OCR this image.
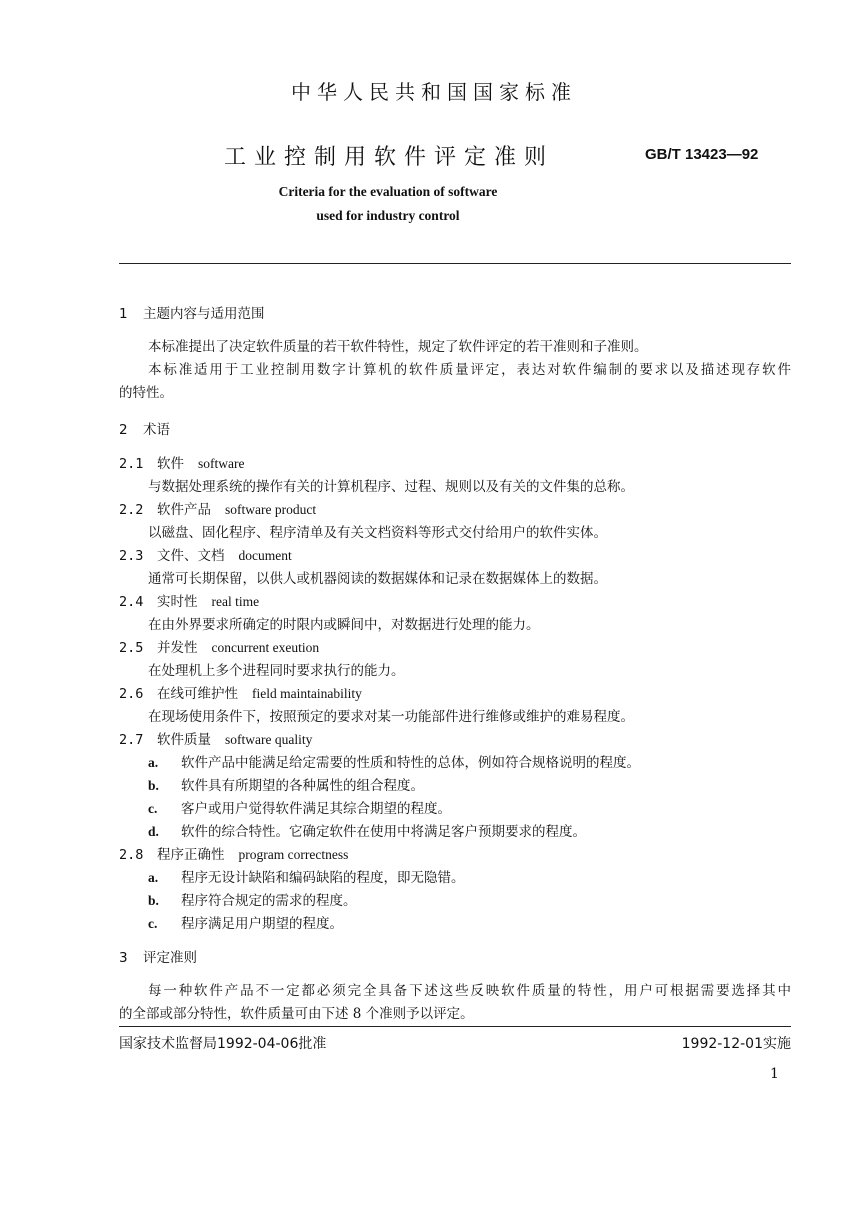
中华人民共和国国家标准
工业控制用软件评定准则	GB/T 13423—92
Criteria for the evaluation of software
used for industry control
1 主题内容与适用范围
本标准提出了决定软件质量的若干软件特性，规定了软件评定的若干准则和子准则。
本标准适用于工业控制用数字计算机的软件质量评定，表达对软件编制的要求以及描述现存软件
的特性。
2 术语
2.1 软件 software
与数据处理系统的操作有关的计算机程序、过程、规则以及有关的文件集的总称。
2.2 软件产品 software product
以磁盘、固化程序、程序清单及有关文档资料等形式交付给用户的软件实体。
2.3 文件、文档 document
通常可长期保留，以供人或机器阅读的数据媒体和记录在数据媒体上的数据。
2.4 实时性 real time
在由外界要求所确定的时限内或瞬间中，对数据进行处理的能力。
2.5 并发性 concurrent exeution
在处理机上多个进程同时要求执行的能力。
2.6 在线可维护性 field maintainability
在现场使用条件下，按照预定的要求对某一功能部件进行维修或维护的难易程度。
2.7 软件质量 software quality
a. 软件产品中能满足给定需要的性质和特性的总体，例如符合规格说明的程度。
b. 软件具有所期望的各种属性的组合程度。
c. 客户或用户觉得软件满足其综合期望的程度。
d. 软件的综合特性。它确定软件在使用中将满足客户预期要求的程度。
2.8 程序正确性 program correctness
a. 程序无设计缺陷和编码缺陷的程度，即无隐错。
b. 程序符合规定的需求的程度。
c. 程序满足用户期望的程度。
3 评定准则
每一种软件产品不一定都必须完全具备下述这些反映软件质量的特性，用户可根据需要选择其中
的全部或部分特性，软件质量可由下述 8 个准则予以评定。
国家技术监督局1992-04-06批准	1992-12-01实施
1
